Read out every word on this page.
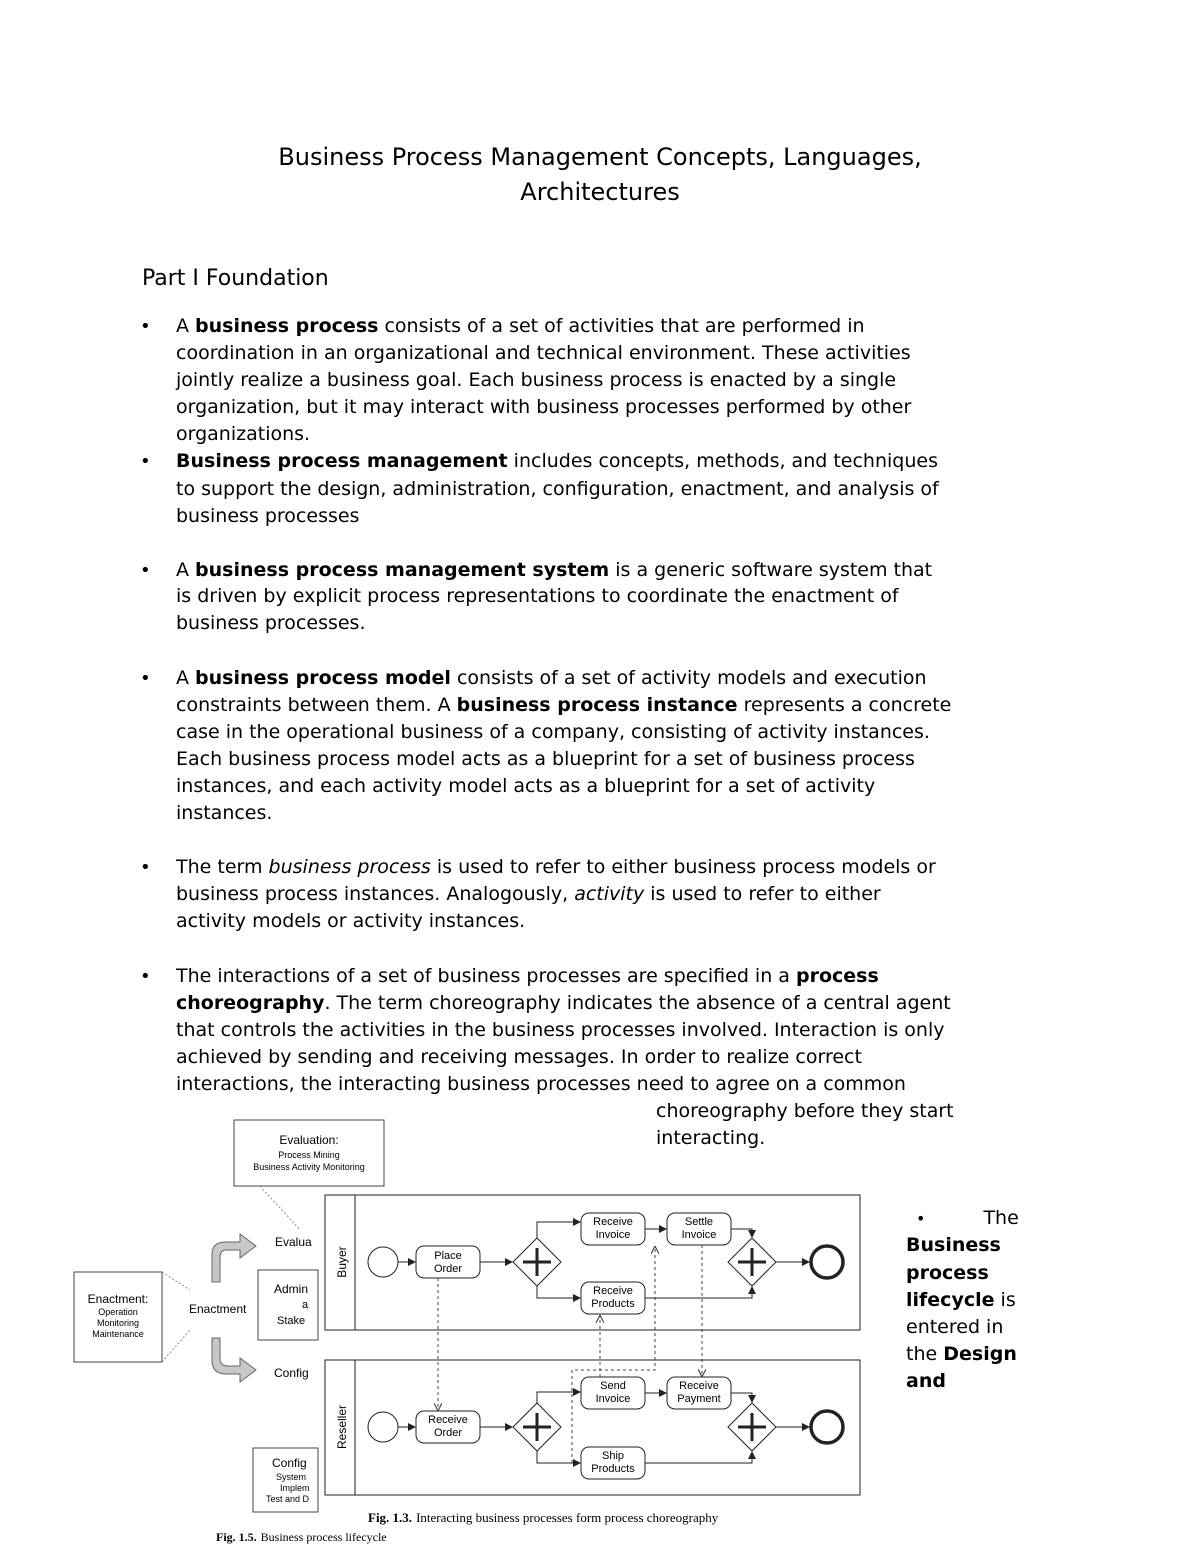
Business Process Management Concepts, Languages,
Architectures
Part I Foundation
• A business process consists of a set of activities that are performed in
coordination in an organizational and technical environment. These activities
jointly realize a business goal. Each business process is enacted by a single
organization, but it may interact with business processes performed by other
organizations.
• Business process management includes concepts, methods, and techniques
to support the design, administration, configuration, enactment, and analysis of
business processes
• A business process management system is a generic software system that
is driven by explicit process representations to coordinate the enactment of
business processes.
• A business process model consists of a set of activity models and execution
constraints between them. A business process instance represents a concrete
case in the operational business of a company, consisting of activity instances.
Each business process model acts as a blueprint for a set of business process
instances, and each activity model acts as a blueprint for a set of activity
instances.
• The term business process is used to refer to either business process models or
business process instances. Analogously, activity is used to refer to either
activity models or activity instances.
• The interactions of a set of business processes are specified in a process
choreography. The term choreography indicates the absence of a central agent
that controls the activities in the business processes involved. Interaction is only
achieved by sending and receiving messages. In order to realize correct
interactions, the interacting business processes need to agree on a common
choreography before they start
interacting.
•	The
Business
process
lifecycle is
entered in
the Design
and
Evaluation:
Process Mining
Business Activity Monitoring
Enactment:
Operation
Monitoring
Maintenance
Enactment
Evalua
Admin
a
Stake
Config
Config
System
Implem
Test and D
Fig. 1.5. Business process lifecycle
Buyer	Place
Order
Receive
Invoice
Settle
Invoice
Receive
Products
Reseller	Receive
Order
Send
Invoice
Receive
Payment
Ship
Products
Fig. 1.3. Interacting business processes form process choreography
